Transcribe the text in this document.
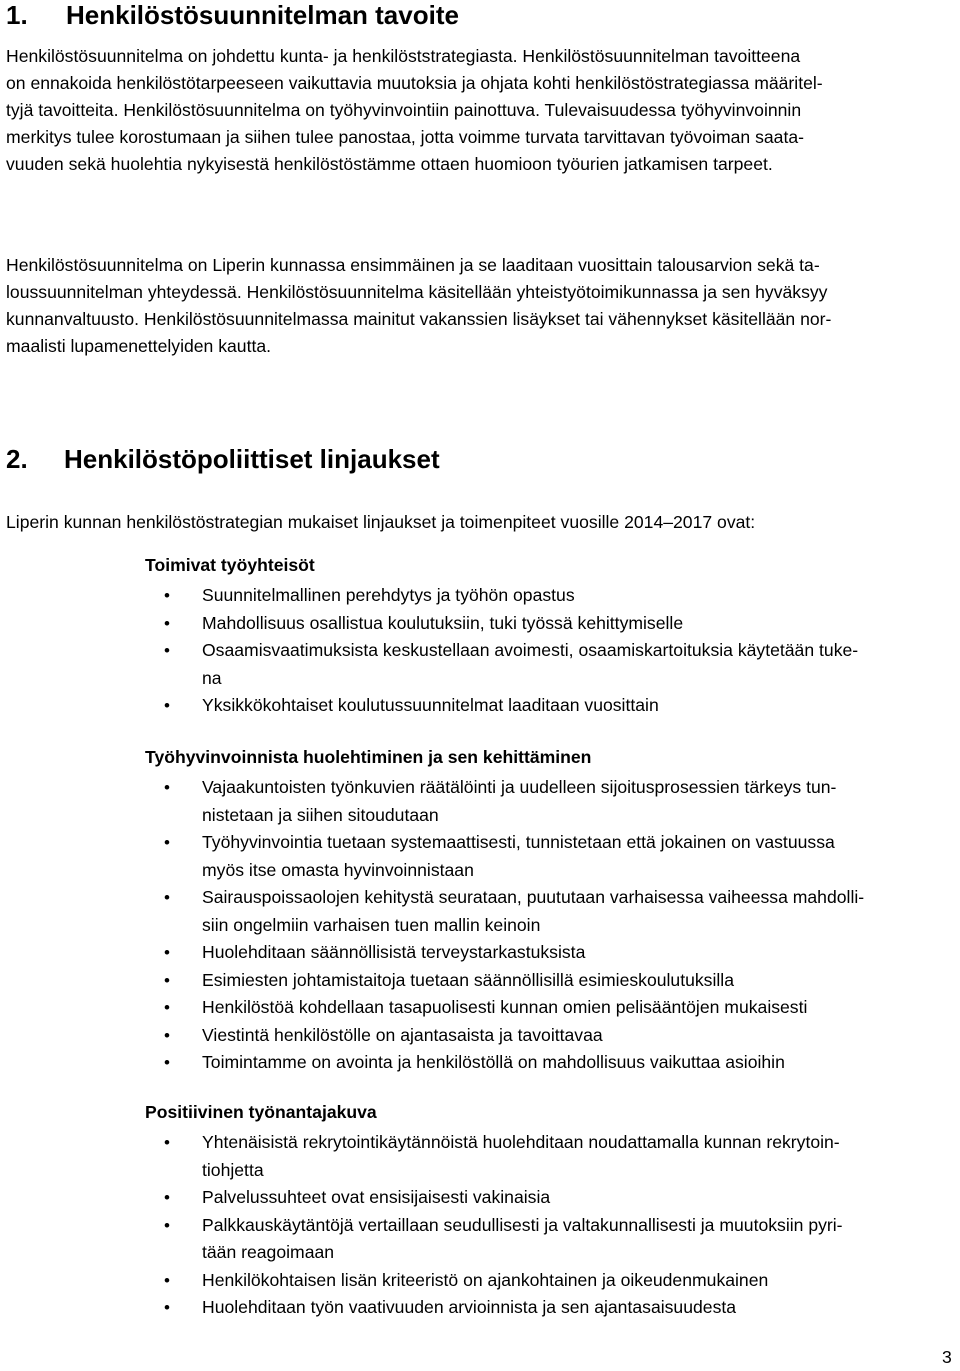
1. Henkilöstösuunnitelman tavoite

Henkilöstösuunnitelma on johdettu kunta- ja henkilöststrategiasta. Henkilöstösuunnitelman tavoitteena

on ennakoida henkilöstötarpeeseen vaikuttavia muutoksia ja ohjata kohti henkilöstöstrategiassa määritel-

tyjä tavoitteita. Henkilöstösuunnitelma on työhyvinvointiin painottuva. Tulevaisuudessa työhyvinvoinnin

merkitys tulee korostumaan ja siihen tulee panostaa, jotta voimme turvata tarvittavan työvoiman saata-

vuuden sekä huolehtia nykyisestä henkilöstöstämme ottaen huomioon työurien jatkamisen tarpeet.

Henkilöstösuunnitelma on Liperin kunnassa ensimmäinen ja se laaditaan vuosittain talousarvion sekä ta-

loussuunnitelman yhteydessä. Henkilöstösuunnitelma käsitellään yhteistyötoimikunnassa ja sen hyväksyy

kunnanvaltuusto. Henkilöstösuunnitelmassa mainitut vakanssien lisäykset tai vähennykset käsitellään nor-

maalisti lupamenettelyiden kautta.

2. Henkilöstöpoliittiset linjaukset

Liperin kunnan henkilöstöstrategian mukaiset linjaukset ja toimenpiteet vuosille 2014–2017 ovat:

Toimivat työyhteisöt
• Suunnitelmallinen perehdytys ja työhön opastus
• Mahdollisuus osallistua koulutuksiin, tuki työssä kehittymiselle
• Osaamisvaatimuksista keskustellaan avoimesti, osaamiskartoituksia käytetään tuke-
na
• Yksikkökohtaiset koulutussuunnitelmat laaditaan vuosittain
Työhyvinvoinnista huolehtiminen ja sen kehittäminen
• Vajaakuntoisten työnkuvien räätälöinti ja uudelleen sijoitusprosessien tärkeys tun-
nistetaan ja siihen sitoudutaan
• Työhyvinvointia tuetaan systemaattisesti, tunnistetaan että jokainen on vastuussa
myös itse omasta hyvinvoinnistaan
• Sairauspoissaolojen kehitystä seurataan, puututaan varhaisessa vaiheessa mahdolli-
siin ongelmiin varhaisen tuen mallin keinoin
• Huolehditaan säännöllisistä terveystarkastuksista
• Esimiesten johtamistaitoja tuetaan säännöllisillä esimieskoulutuksilla
• Henkilöstöä kohdellaan tasapuolisesti kunnan omien pelisääntöjen mukaisesti
• Viestintä henkilöstölle on ajantasaista ja tavoittavaa
• Toimintamme on avointa ja henkilöstöllä on mahdollisuus vaikuttaa asioihin
Positiivinen työnantajakuva
• Yhtenäisistä rekrytointikäytännöistä huolehditaan noudattamalla kunnan rekrytoin-
tiohjetta
• Palvelussuhteet ovat ensisijaisesti vakinaisia
• Palkkauskäytäntöjä vertaillaan seudullisesti ja valtakunnallisesti ja muutoksiin pyri-
tään reagoimaan
• Henkilökohtaisen lisän kriteeristö on ajankohtainen ja oikeudenmukainen
• Huolehditaan työn vaativuuden arvioinnista ja sen ajantasaisuudesta
3
